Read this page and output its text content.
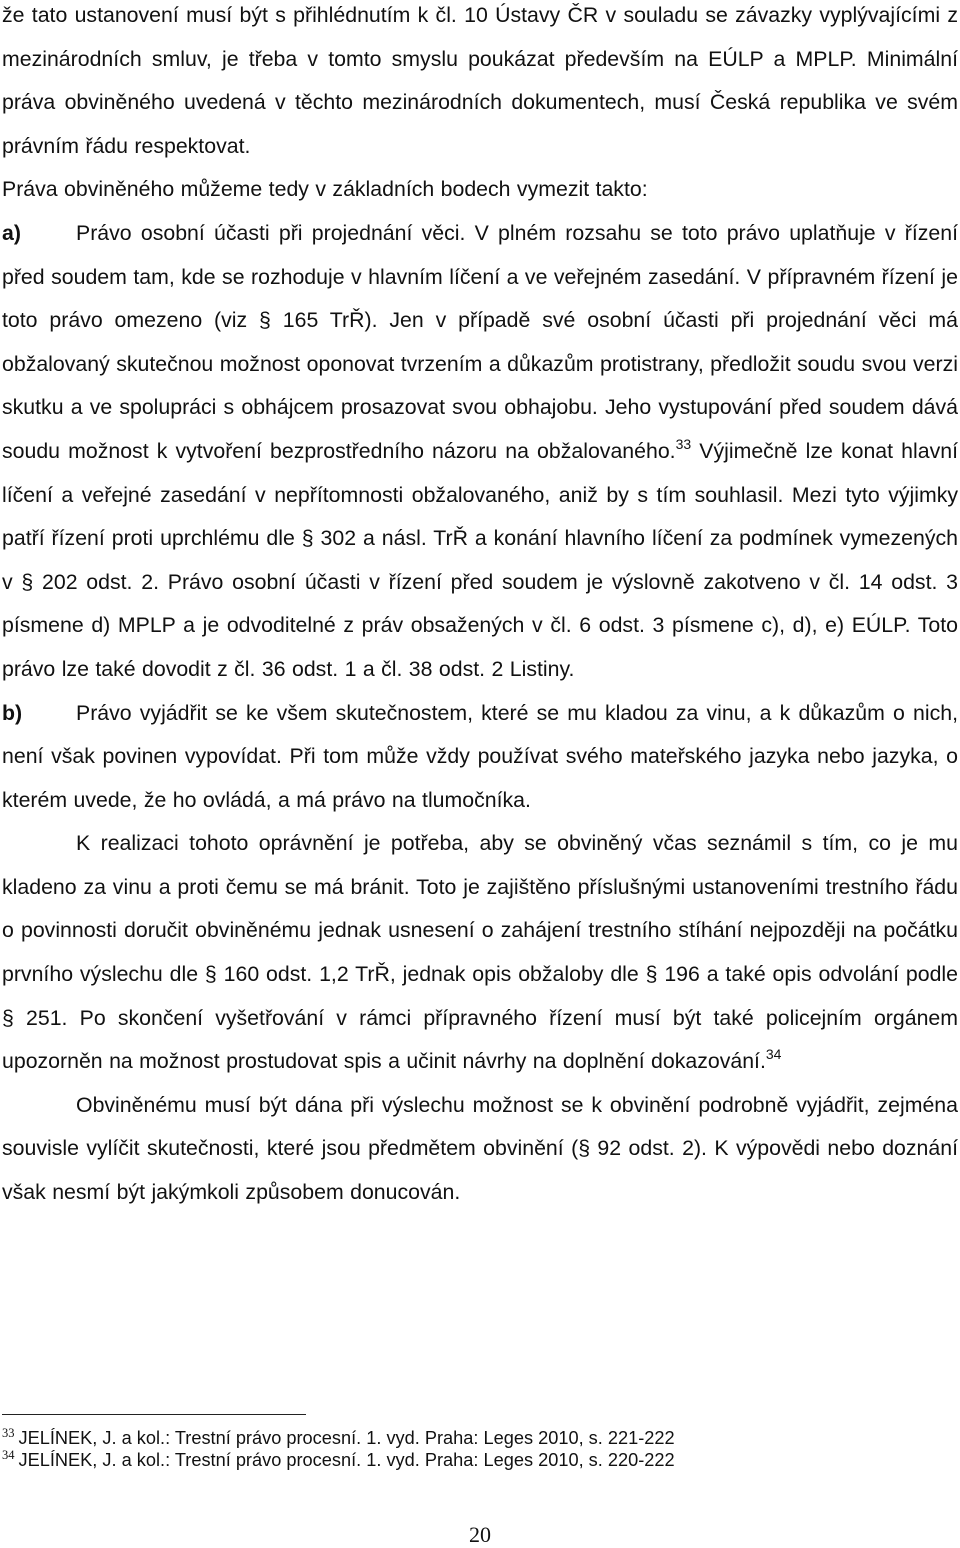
že tato ustanovení musí být s přihlédnutím k čl. 10 Ústavy ČR v souladu se závazky vyplývajícími z mezinárodních smluv, je třeba v tomto smyslu poukázat především na EÚLP a MPLP. Minimální práva obviněného uvedená v těchto mezinárodních dokumentech, musí Česká republika ve svém právním řádu respektovat.

Práva obviněného můžeme tedy v základních bodech vymezit takto:

a)	Právo osobní účasti při projednání věci. V plném rozsahu se toto právo uplatňuje v řízení před soudem tam, kde se rozhoduje v hlavním líčení a ve veřejném zasedání. V přípravném řízení je toto právo omezeno (viz § 165 TrŘ). Jen v případě své osobní účasti při projednání věci má obžalovaný skutečnou možnost oponovat tvrzením a důkazům protistrany, předložit soudu svou verzi skutku a ve spolupráci s obhájcem prosazovat svou obhajobu. Jeho vystupování před soudem dává soudu možnost k vytvoření bezprostředního názoru na obžalovaného.$^{33}$ Výjimečně lze konat hlavní líčení a veřejné zasedání v nepřítomnosti obžalovaného, aniž by s tím souhlasil. Mezi tyto výjimky patří řízení proti uprchlému dle § 302 a násl. TrŘ a konání hlavního líčení za podmínek vymezených v § 202 odst. 2. Právo osobní účasti v řízení před soudem je výslovně zakotveno v čl. 14 odst. 3 písmene d) MPLP a je odvoditelné z práv obsažených v čl. 6 odst. 3 písmene c), d), e) EÚLP. Toto právo lze také dovodit z čl. 36 odst. 1 a čl. 38 odst. 2 Listiny.

b)	Právo vyjádřit se ke všem skutečnostem, které se mu kladou za vinu, a k důkazům o nich, není však povinen vypovídat. Při tom může vždy používat svého mateřského jazyka nebo jazyka, o kterém uvede, že ho ovládá, a má právo na tlumočníka.

K realizaci tohoto oprávnění je potřeba, aby se obviněný včas seznámil s tím, co je mu kladeno za vinu a proti čemu se má bránit. Toto je zajištěno příslušnými ustanoveními trestního řádu o povinnosti doručit obviněnému jednak usnesení o zahájení trestního stíhání nejpozději na počátku prvního výslechu dle § 160 odst. 1,2 TrŘ, jednak opis obžaloby dle § 196 a také opis odvolání podle § 251. Po skončení vyšetřování v rámci přípravného řízení musí být také policejním orgánem upozorněn na možnost prostudovat spis a učinit návrhy na doplnění dokazování.$^{34}$

Obviněnému musí být dána při výslechu možnost se k obvinění podrobně vyjádřit, zejména souvisle vylíčit skutečnosti, které jsou předmětem obvinění (§ 92 odst. 2). K výpovědi nebo doznání však nesmí být jakýmkoli způsobem donucován.

$^{33}$ JELÍNEK, J. a kol.: Trestní právo procesní. 1. vyd. Praha: Leges 2010, s. 221-222

$^{34}$ JELÍNEK, J. a kol.: Trestní právo procesní. 1. vyd. Praha: Leges 2010, s. 220-222

20
